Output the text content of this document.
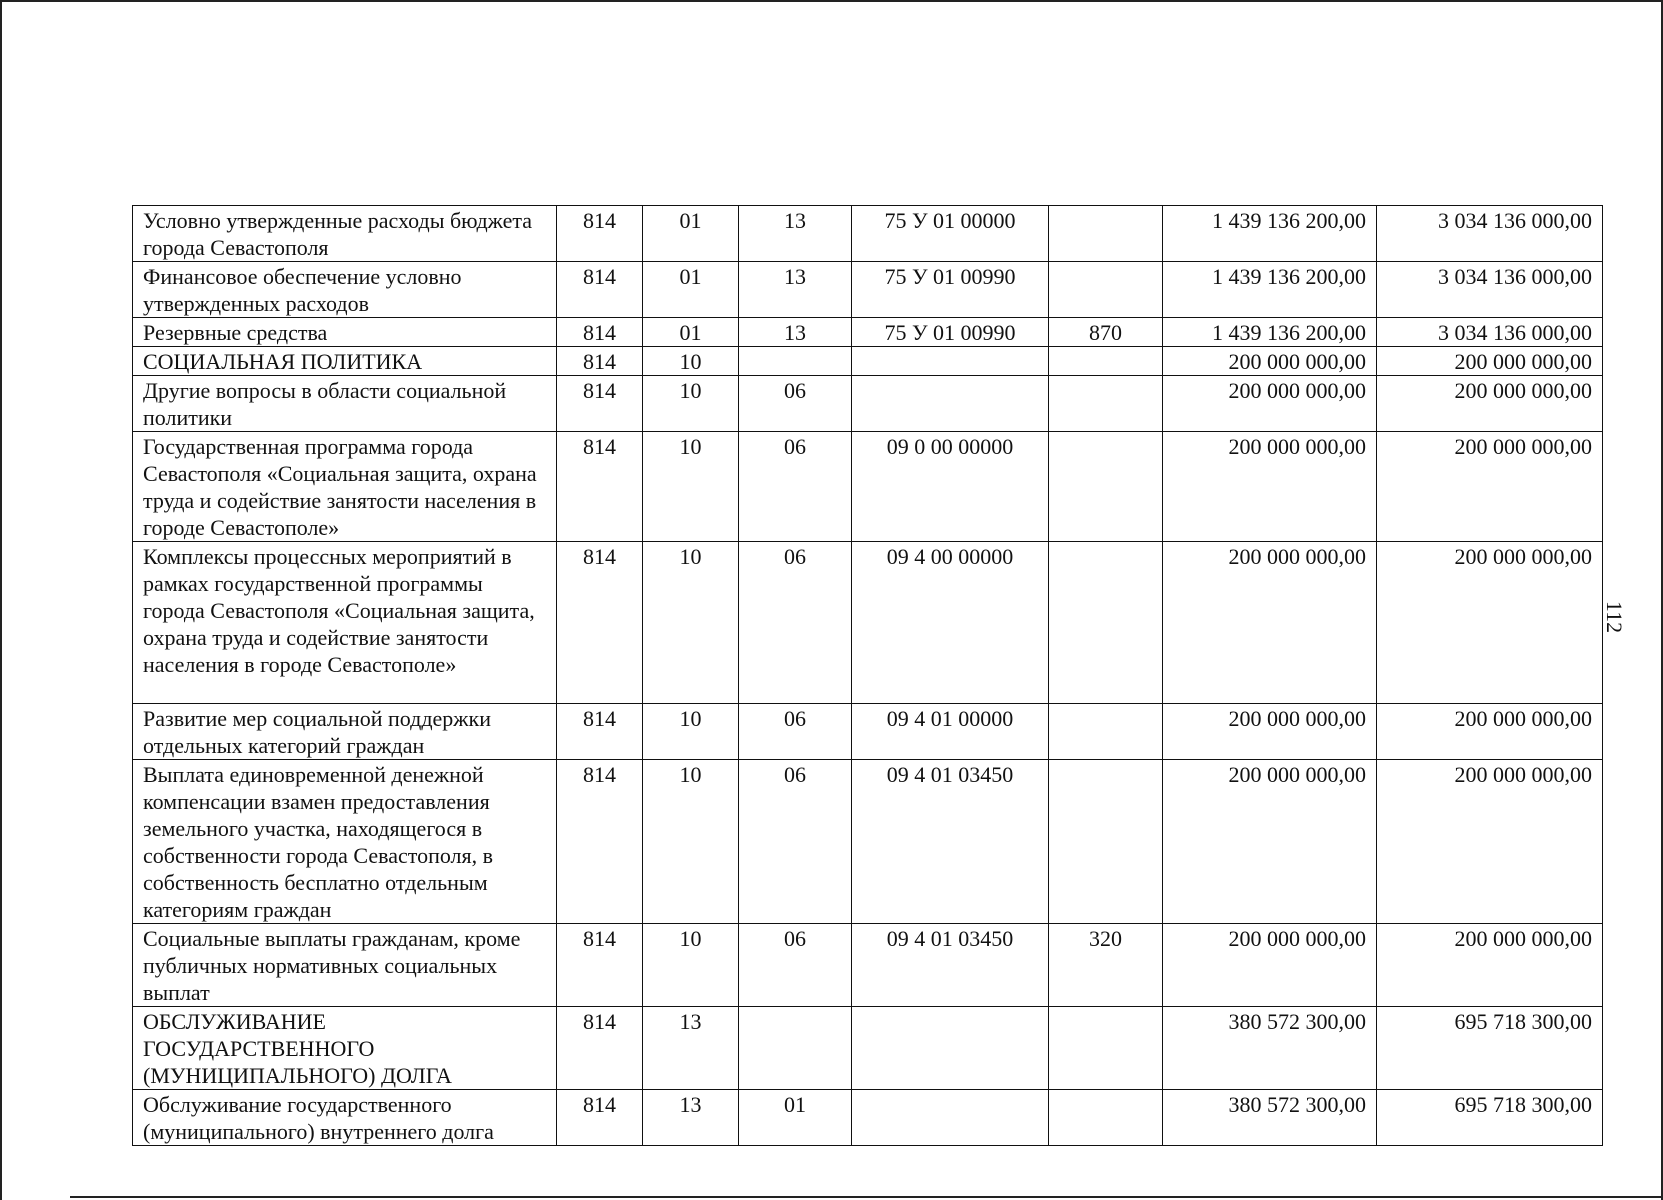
112
Условно утвержденные расходы бюджета города Севастополя	814	01	13	75 У 01 00000		1 439 136 200,00	3 034 136 000,00
Финансовое обеспечение условно утвержденных расходов	814	01	13	75 У 01 00990		1 439 136 200,00	3 034 136 000,00
Резервные средства	814	01	13	75 У 01 00990	870	1 439 136 200,00	3 034 136 000,00
СОЦИАЛЬНАЯ ПОЛИТИКА	814	10				200 000 000,00	200 000 000,00
Другие вопросы в области социальной политики	814	10	06			200 000 000,00	200 000 000,00
Государственная программа города Севастополя «Социальная защита, охрана труда и содействие занятости населения в городе Севастополе»	814	10	06	09 0 00 00000		200 000 000,00	200 000 000,00
Комплексы процессных мероприятий в рамках государственной программы города Севастополя «Социальная защита, охрана труда и содействие занятости населения в городе Севастополе»	814	10	06	09 4 00 00000		200 000 000,00	200 000 000,00
Развитие мер социальной поддержки отдельных категорий граждан	814	10	06	09 4 01 00000		200 000 000,00	200 000 000,00
Выплата единовременной денежной компенсации взамен предоставления земельного участка, находящегося в собственности города Севастополя, в собственность бесплатно отдельным категориям граждан	814	10	06	09 4 01 03450		200 000 000,00	200 000 000,00
Социальные выплаты гражданам, кроме публичных нормативных социальных выплат	814	10	06	09 4 01 03450	320	200 000 000,00	200 000 000,00
ОБСЛУЖИВАНИЕ ГОСУДАРСТВЕННОГО (МУНИЦИПАЛЬНОГО) ДОЛГА	814	13				380 572 300,00	695 718 300,00
Обслуживание государственного (муниципального) внутреннего долга	814	13	01			380 572 300,00	695 718 300,00
